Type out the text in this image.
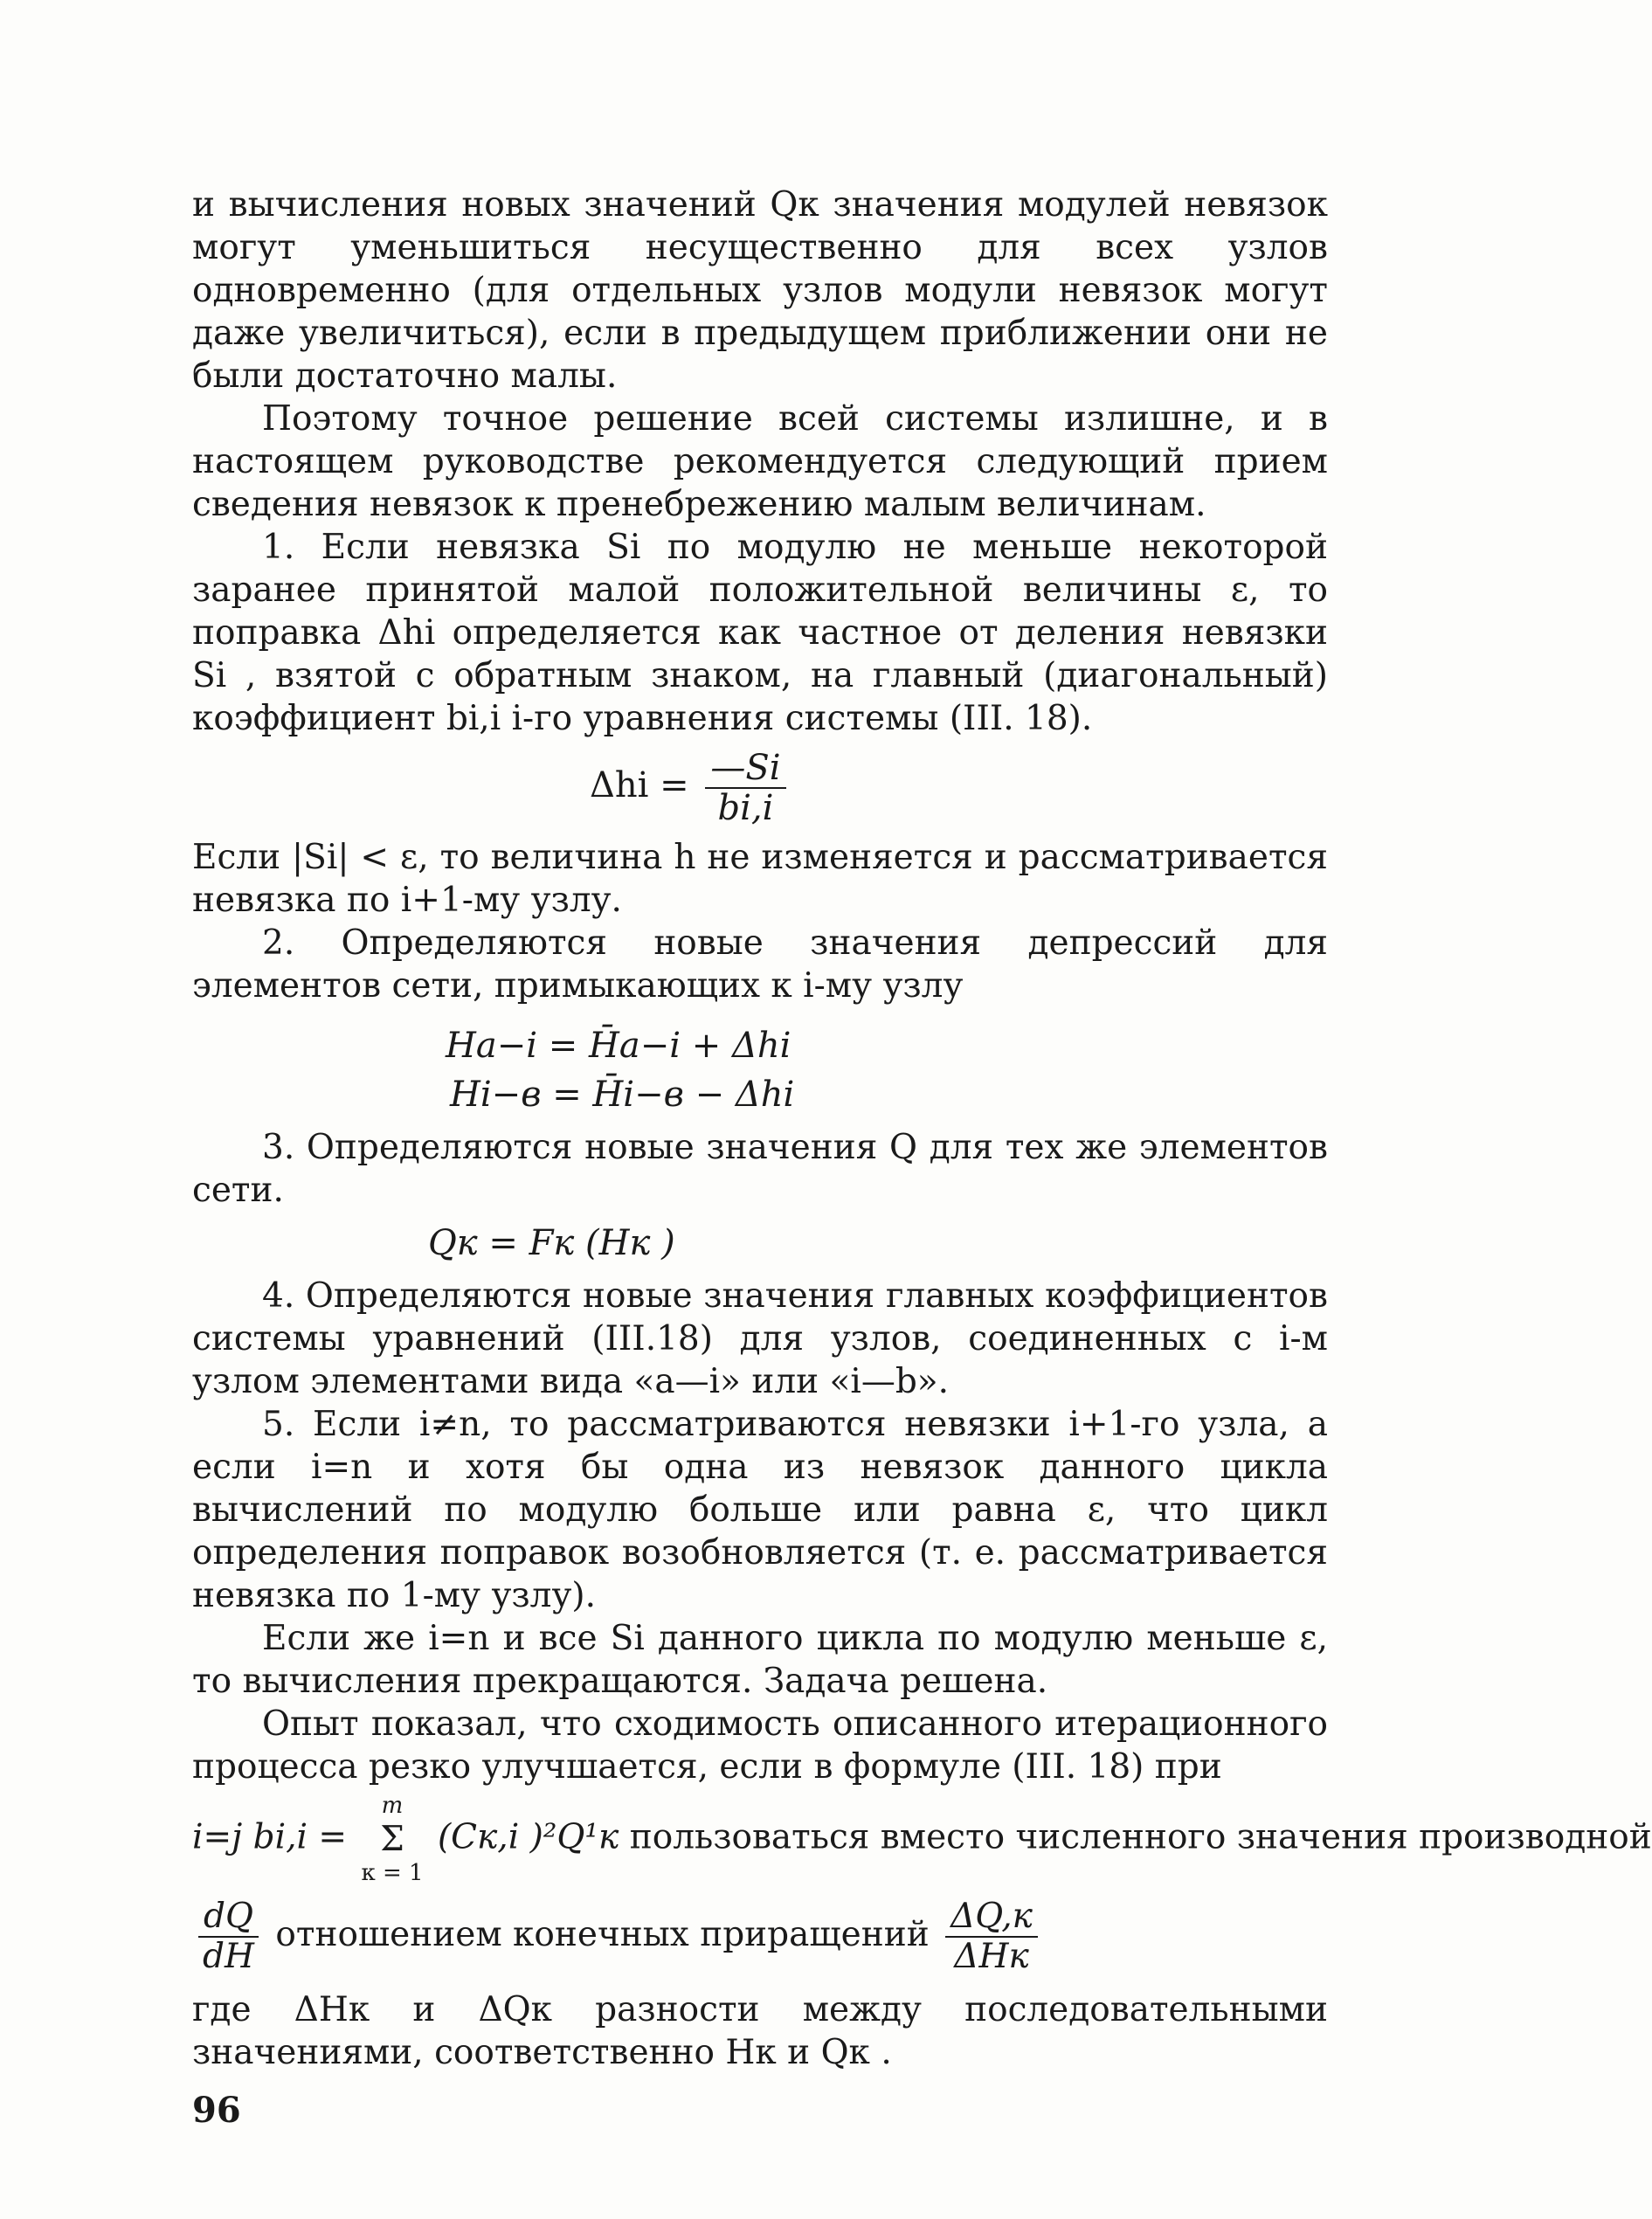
и вычисления новых значений Qк значения модулей невязок могут уменьшиться несущественно для всех узлов одновременно (для отдельных узлов модули невязок могут даже увеличиться), если в предыдущем приближении они не были достаточно малы.

Поэтому точное решение всей системы излишне, и в настоящем руководстве рекомендуется следующий прием сведения невязок к пренебрежению малым величинам.

1. Если невязка Si по модулю не меньше некоторой заранее принятой малой положительной величины ε, то поправка Δhi определяется как частное от деления невязки Si , взятой с обратным знаком, на главный (диагональный) коэффициент bi,i i-го уравнения системы (III. 18).

$\Delta hi = \frac{—Si}{bi,i}$

Если |Si| < ε, то величина h не изменяется и рассматривается невязка по i+1-му узлу.

2. Определяются новые значения депрессий для элементов сети, примыкающих к i-му узлу

Ha−i = H̄a−i + Δhi
Hi−в = H̄i−в − Δhi

3. Определяются новые значения Q для тех же элементов сети.

Qк = Fк (Hк )

4. Определяются новые значения главных коэффициентов системы уравнений (III.18) для узлов, соединенных с i-м узлом элементами вида «a—i» или «i—b».

5. Если i≠n, то рассматриваются невязки i+1-го узла, а если i=n и хотя бы одна из невязок данного цикла вычислений по модулю больше или равна ε, что цикл определения поправок возобновляется (т. е. рассматривается невязка по 1-му узлу).

Если же i=n и все Si данного цикла по модулю меньше ε, то вычисления прекращаются. Задача решена.

Опыт показал, что сходимость описанного итерационного процесса резко улучшается, если в формуле (III. 18) при

i=j bi,i =
m
Σ
к = 1
(Cк,i )²Q¹к пользоваться вместо численного значения производной
$\frac{dQ}{dH}$ отношением конечных приращений $\frac{\Delta Q,к}{\text{ΔHк}}$

где ΔHк и ΔQк разности между последовательными значениями, соответственно Hк и Qк .

96
